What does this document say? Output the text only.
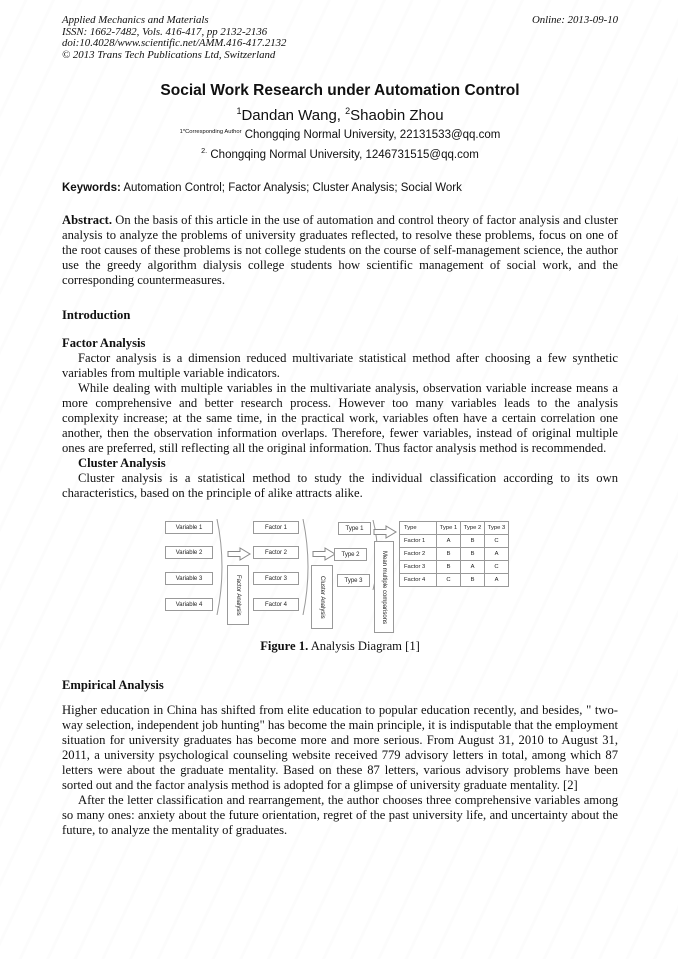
Applied Mechanics and Materials
ISSN: 1662-7482, Vols. 416-417, pp 2132-2136
doi:10.4028/www.scientific.net/AMM.416-417.2132
© 2013 Trans Tech Publications Ltd, Switzerland
Online: 2013-09-10
Social Work Research under Automation Control
$^1$Dandan Wang, $^2$Shaobin Zhou
$^{1*Corresponding Author}$ Chongqing Normal University, 22131533@qq.com
$^{2.}$ Chongqing Normal University, 1246731515@qq.com

Keywords: Automation Control; Factor Analysis; Cluster Analysis; Social Work

Abstract. On the basis of this article in the use of automation and control theory of factor analysis and cluster analysis to analyze the problems of university graduates reflected, to resolve these problems, focus on one of the root causes of these problems is not college students on the course of self-management science, the author use the greedy algorithm dialysis college students how scientific management of social work, and the corresponding countermeasures.

Introduction
Factor Analysis

Factor analysis is a dimension reduced multivariate statistical method after choosing a few synthetic variables from multiple variable indicators.

While dealing with multiple variables in the multivariate analysis, observation variable increase means a more comprehensive and better research process. However too many variables leads to the analysis complexity increase; at the same time, in the practical work, variables often have a certain correlation one another, then the observation information overlaps. Therefore, fewer variables, instead of original multiple ones are preferred, still reflecting all the original information. Thus factor analysis method is recommended.

Cluster Analysis

Cluster analysis is a statistical method to study the individual classification according to its own characteristics, based on the principle of alike attracts alike.

Variable 1
Variable 2
Variable 3
Variable 4	Factor Analysis
Factor 1
Factor 2
Factor 3
Factor 4	Cluster Analysis
Type 1
Type 2
Type 3	Mean multiple comparisons
Type	Type 1	Type 2	Type 3
Factor 1	A	B	C
Factor 2	B	B	A
Factor 3	B	A	C
Factor 4	C	B	A

Figure 1. Analysis Diagram [1]

Empirical Analysis

Higher education in China has shifted from elite education to popular education recently, and besides, " two-way selection, independent job hunting" has become the main principle, it is indisputable that the employment situation for university graduates has become more and more serious. From August 31, 2010 to August 31, 2011, a university psychological counseling website received 779 advisory letters in total, among which 87 letters were about the graduate mentality. Based on these 87 letters, various advisory problems have been sorted out and the factor analysis method is adopted for a glimpse of university graduate mentality. [2]

After the letter classification and rearrangement, the author chooses three comprehensive variables among so many ones: anxiety about the future orientation, regret of the past university life, and uncertainty about the future, to analyze the mentality of graduates.
